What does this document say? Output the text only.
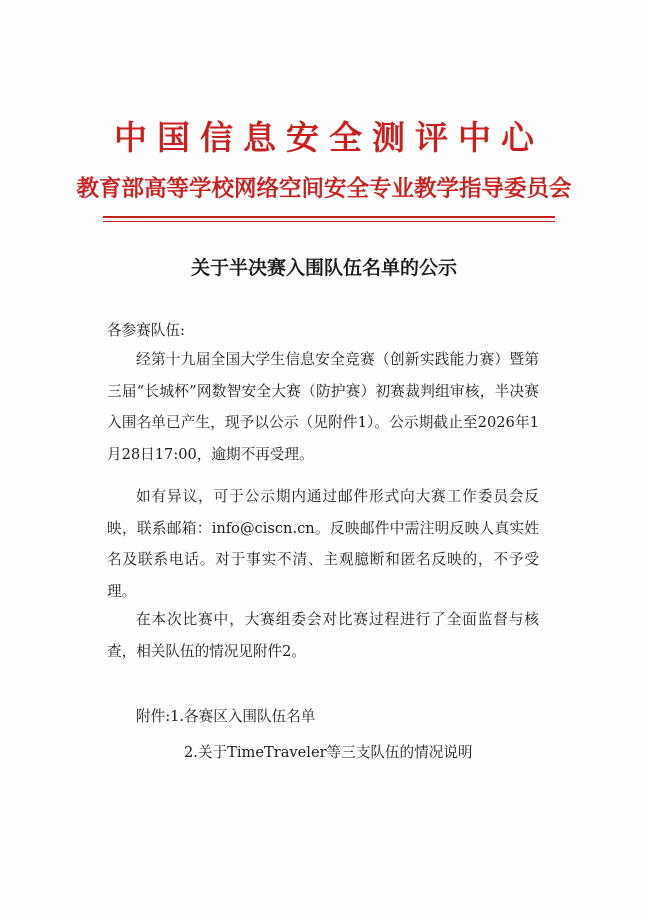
中国信息安全测评中心
教育部高等学校网络空间安全专业教学指导委员会
关于半决赛入围队伍名单的公示
各参赛队伍:
经第十九届全国大学生信息安全竞赛（创新实践能力赛）暨第三届“长城杯”网数智安全大赛（防护赛）初赛裁判组审核，半决赛入围名单已产生，现予以公示（见附件1）。公示期截止至2026年1月28日17:00，逾期不再受理。
如有异议，可于公示期内通过邮件形式向大赛工作委员会反映，联系邮箱：info@ciscn.cn。反映邮件中需注明反映人真实姓名及联系电话。对于事实不清、主观臆断和匿名反映的，不予受理。
在本次比赛中，大赛组委会对比赛过程进行了全面监督与核查，相关队伍的情况见附件2。
附件:1.各赛区入围队伍名单
2.关于TimeTraveler等三支队伍的情况说明
